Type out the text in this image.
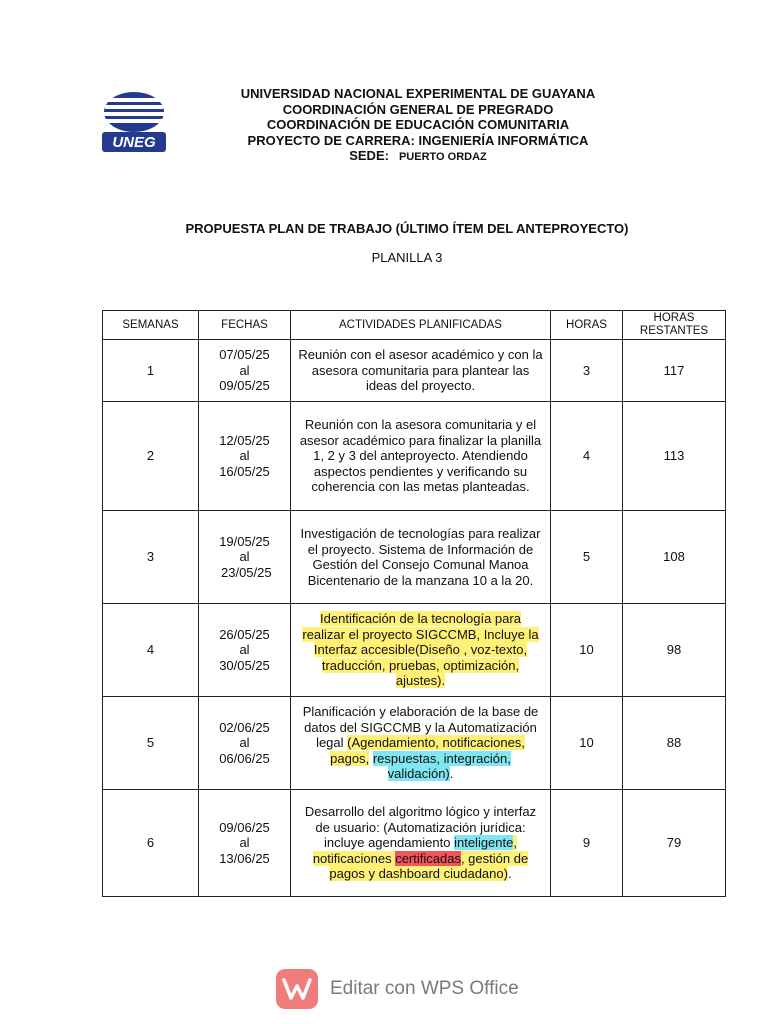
UNEG
UNIVERSIDAD NACIONAL EXPERIMENTAL DE GUAYANA
COORDINACIÓN GENERAL DE PREGRADO
COORDINACIÓN DE EDUCACIÓN COMUNITARIA
PROYECTO DE CARRERA: INGENIERÍA INFORMÁTICA
SEDE: PUERTO ORDAZ
PROPUESTA PLAN DE TRABAJO (ÚLTIMO ÍTEM DEL ANTEPROYECTO)
PLANILLA 3
SEMANAS	FECHAS	ACTIVIDADES PLANIFICADAS	HORAS	HORAS RESTANTES
1	07/05/25
al
09/05/25	Reunión con el asesor académico y con la asesora comunitaria para plantear las ideas del proyecto.	3	117
2	12/05/25
al
16/05/25	Reunión con la asesora comunitaria y el asesor académico para finalizar la planilla 1, 2 y 3 del anteproyecto. Atendiendo aspectos pendientes y verificando su coherencia con las metas planteadas.	4	113
3	19/05/25
al
23/05/25	Investigación de tecnologías para realizar el proyecto. Sistema de Información de Gestión del Consejo Comunal Manoa Bicentenario de la manzana 10 a la 20.	5	108
4	26/05/25
al
30/05/25	Identificación de la tecnología para realizar el proyecto SIGCCMB, Incluye la Interfaz accesible(Diseño , voz-texto, traducción, pruebas, optimización, ajustes).	10	98
5	02/06/25
al
06/06/25	Planificación y elaboración de la base de datos del SIGCCMB y la Automatización legal (Agendamiento, notificaciones, pagos, respuestas, integración, validación).	10	88
6	09/06/25
al
13/06/25	Desarrollo del algoritmo lógico y interfaz de usuario: (Automatización jurídica: incluye agendamiento inteligente, notificaciones certificadas, gestión de pagos y dashboard ciudadano).	9	79
Editar con WPS Office
